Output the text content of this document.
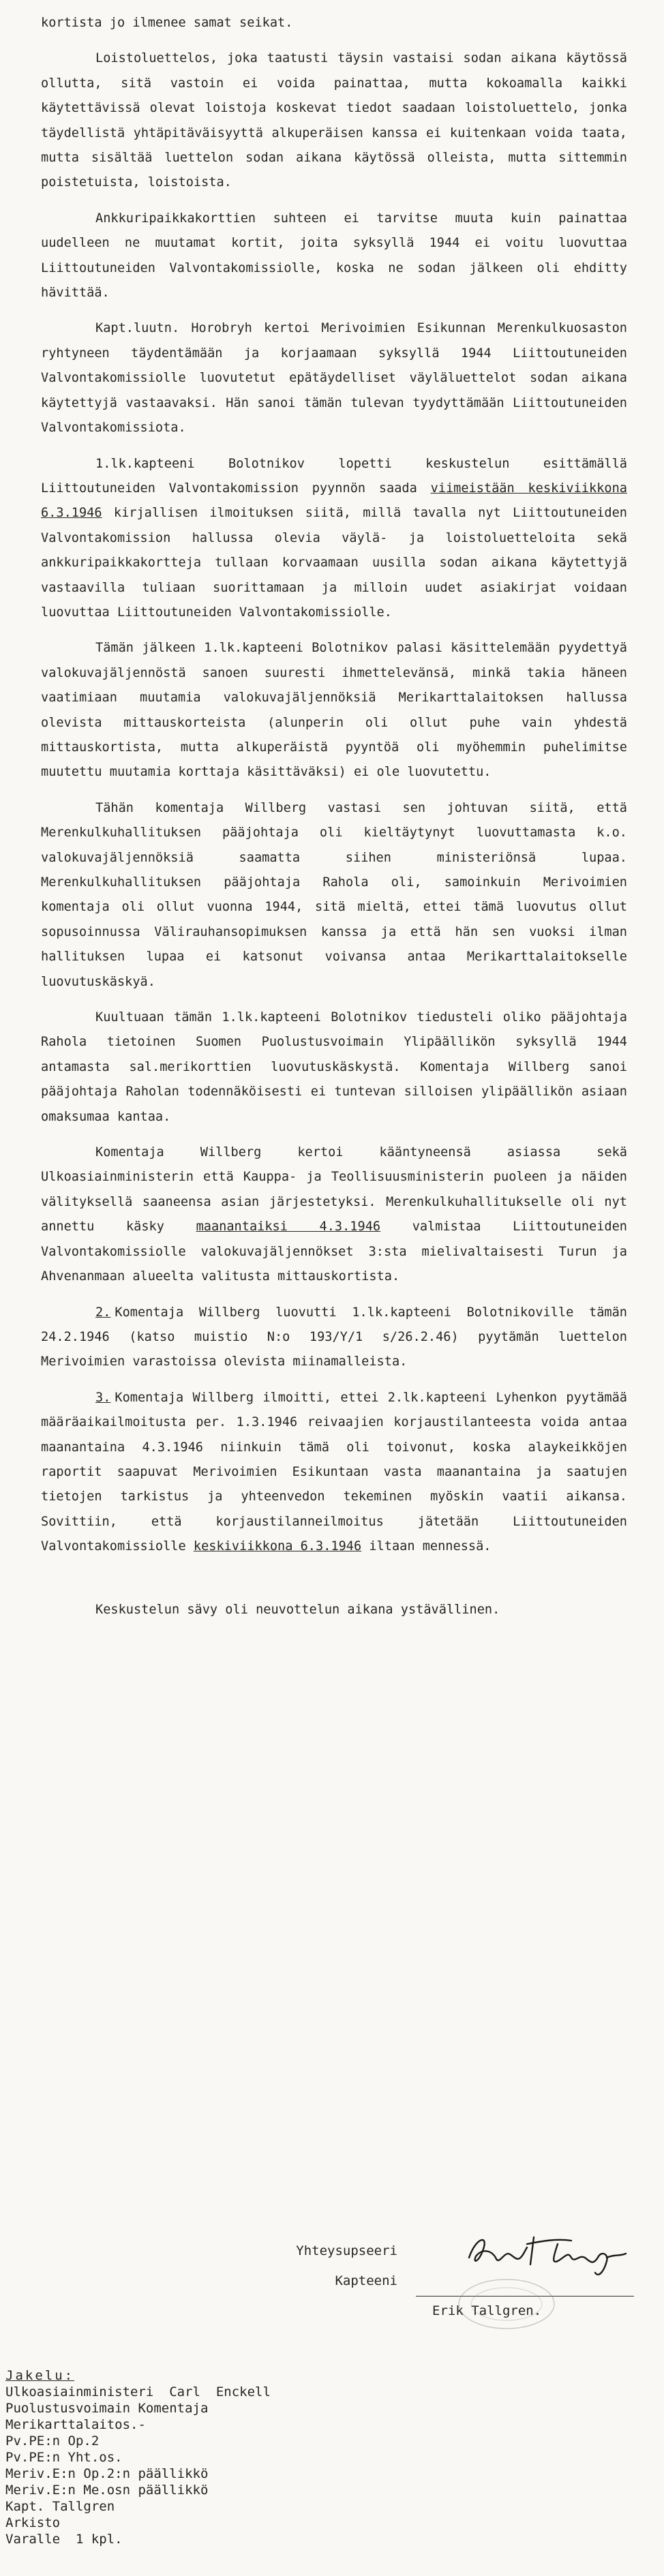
kortista jo ilmenee samat seikat.

Loistoluettelos, joka taatusti täysin vastaisi sodan aikana käytössä ollutta, sitä vastoin ei voida painattaa, mutta kokoamalla kaikki käytettävissä olevat loistoja koskevat tiedot saadaan loistoluettelo, jonka täydellistä yhtäpitäväisyyttä alkuperäisen kanssa ei kuitenkaan voida taata, mutta sisältää luettelon sodan aikana käytössä olleista, mutta sittemmin poistetuista, loistoista.

Ankkuripaikkakorttien suhteen ei tarvitse muuta kuin painattaa uudelleen ne muutamat kortit, joita syksyllä 1944 ei voitu luovuttaa Liittoutuneiden Valvontakomissiolle, koska ne sodan jälkeen oli ehditty hävittää.

Kapt.luutn. Horobryh kertoi Merivoimien Esikunnan Merenkulkuosaston ryhtyneen täydentämään ja korjaamaan syksyllä 1944 Liittoutuneiden Valvontakomissiolle luovutetut epätäydelliset väyläluettelot sodan aikana käytettyjä vastaavaksi. Hän sanoi tämän tulevan tyydyttämään Liittoutuneiden Valvontakomissiota.

1.lk.kapteeni Bolotnikov lopetti keskustelun esittämällä Liittoutuneiden Valvontakomission pyynnön saada viimeistään keskiviikkona 6.3.1946 kirjallisen ilmoituksen siitä, millä tavalla nyt Liittoutuneiden Valvontakomission hallussa olevia väylä- ja loistoluetteloita sekä ankkuripaikkakortteja tullaan korvaamaan uusilla sodan aikana käytettyjä vastaavilla tuliaan suorittamaan ja milloin uudet asiakirjat voidaan luovuttaa Liittoutuneiden Valvontakomissiolle.

Tämän jälkeen 1.lk.kapteeni Bolotnikov palasi käsittelemään pyydettyä valokuvajäljennöstä sanoen suuresti ihmettelevänsä, minkä takia häneen vaatimiaan muutamia valokuvajäljennöksiä Merikarttalaitoksen hallussa olevista mittauskorteista (alunperin oli ollut puhe vain yhdestä mittauskortista, mutta alkuperäistä pyyntöä oli myöhemmin puhelimitse muutettu muutamia korttaja käsittäväksi) ei ole luovutettu.

Tähän komentaja Willberg vastasi sen johtuvan siitä, että Merenkulkuhallituksen pääjohtaja oli kieltäytynyt luovuttamasta k.o. valokuvajäljennöksiä saamatta siihen ministeriönsä lupaa. Merenkulkuhallituksen pääjohtaja Rahola oli, samoinkuin Merivoimien komentaja oli ollut vuonna 1944, sitä mieltä, ettei tämä luovutus ollut sopusoinnussa Välirauhansopimuksen kanssa ja että hän sen vuoksi ilman hallituksen lupaa ei katsonut voivansa antaa Merikarttalaitokselle luovutuskäskyä.

Kuultuaan tämän 1.lk.kapteeni Bolotnikov tiedusteli oliko pääjohtaja Rahola tietoinen Suomen Puolustusvoimain Ylipäällikön syksyllä 1944 antamasta sal.merikorttien luovutuskäskystä. Komentaja Willberg sanoi pääjohtaja Raholan todennäköisesti ei tuntevan silloisen ylipäällikön asiaan omaksumaa kantaa.

Komentaja Willberg kertoi kääntyneensä asiassa sekä Ulkoasiainministerin että Kauppa- ja Teollisuusministerin puoleen ja näiden välityksellä saaneensa asian järjestetyksi. Merenkulkuhallitukselle oli nyt annettu käsky maanantaiksi 4.3.1946 valmistaa Liittoutuneiden Valvontakomissiolle valokuvajäljennökset 3:sta mielivaltaisesti Turun ja Ahvenanmaan alueelta valitusta mittauskortista.

2. Komentaja Willberg luovutti 1.lk.kapteeni Bolotnikoville tämän 24.2.1946 (katso muistio N:o 193/Y/1 s/26.2.46) pyytämän luettelon Merivoimien varastoissa olevista miinamalleista.

3. Komentaja Willberg ilmoitti, ettei 2.lk.kapteeni Lyhenkon pyytämää määräaikailmoitusta per. 1.3.1946 reivaajien korjaustilanteesta voida antaa maanantaina 4.3.1946 niinkuin tämä oli toivonut, koska alaykeikköjen raportit saapuvat Merivoimien Esikuntaan vasta maanantaina ja saatujen tietojen tarkistus ja yhteenvedon tekeminen myöskin vaatii aikansa. Sovittiin, että korjaustilanneilmoitus jätetään Liittoutuneiden Valvontakomissiolle keskiviikkona 6.3.1946 iltaan mennessä.

Keskustelun sävy oli neuvottelun aikana ystävällinen.

Yhteysupseeri
Kapteeni
Erik Tallgren.
Jakelu:
Ulkoasiainministeri  Carl  Enckell
Puolustusvoimain Komentaja
Merikarttalaitos.-
Pv.PE:n Op.2
Pv.PE:n Yht.os.
Meriv.E:n Op.2:n päällikkö
Meriv.E:n Me.osn päällikkö
Kapt. Tallgren
Arkisto
Varalle  1 kpl.
